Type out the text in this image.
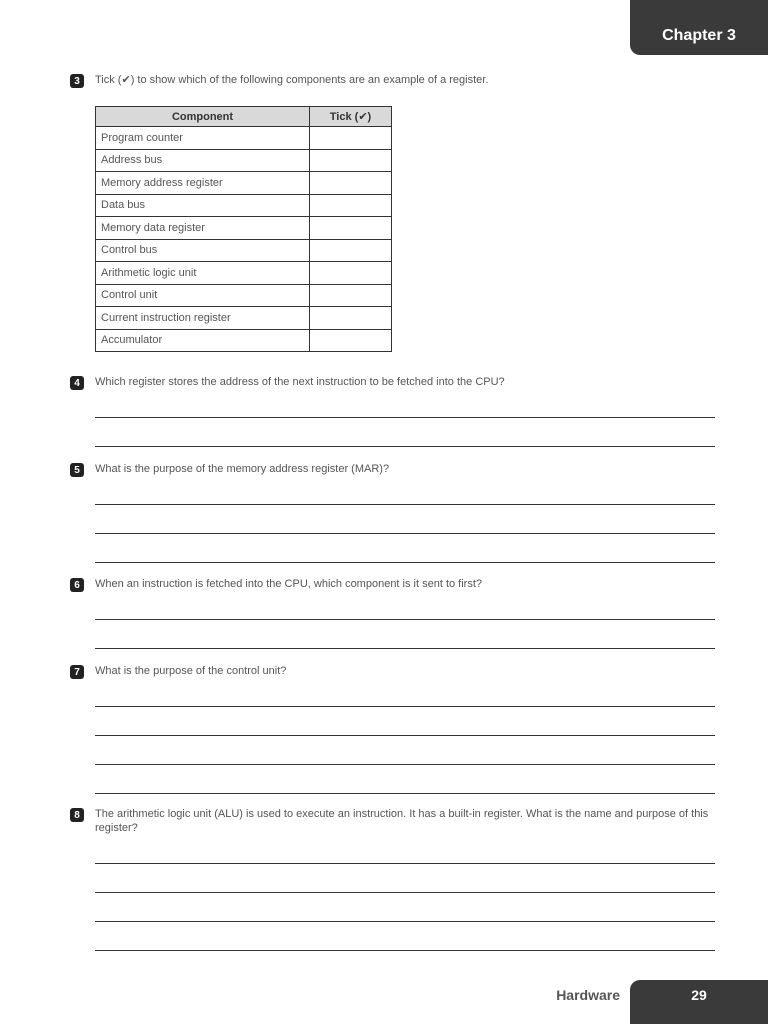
Chapter 3
3	Tick (✔) to show which of the following components are an example of a register.
Component	Tick (✔)
Program counter	
Address bus	
Memory address register	
Data bus	
Memory data register	
Control bus	
Arithmetic logic unit	
Control unit	
Current instruction register	
Accumulator	
4	Which register stores the address of the next instruction to be fetched into the CPU?
5	What is the purpose of the memory address register (MAR)?
6	When an instruction is fetched into the CPU, which component is it sent to first?
7	What is the purpose of the control unit?
8	The arithmetic logic unit (ALU) is used to execute an instruction. It has a built-in register. What is the name and purpose of this register?
Hardware	29
